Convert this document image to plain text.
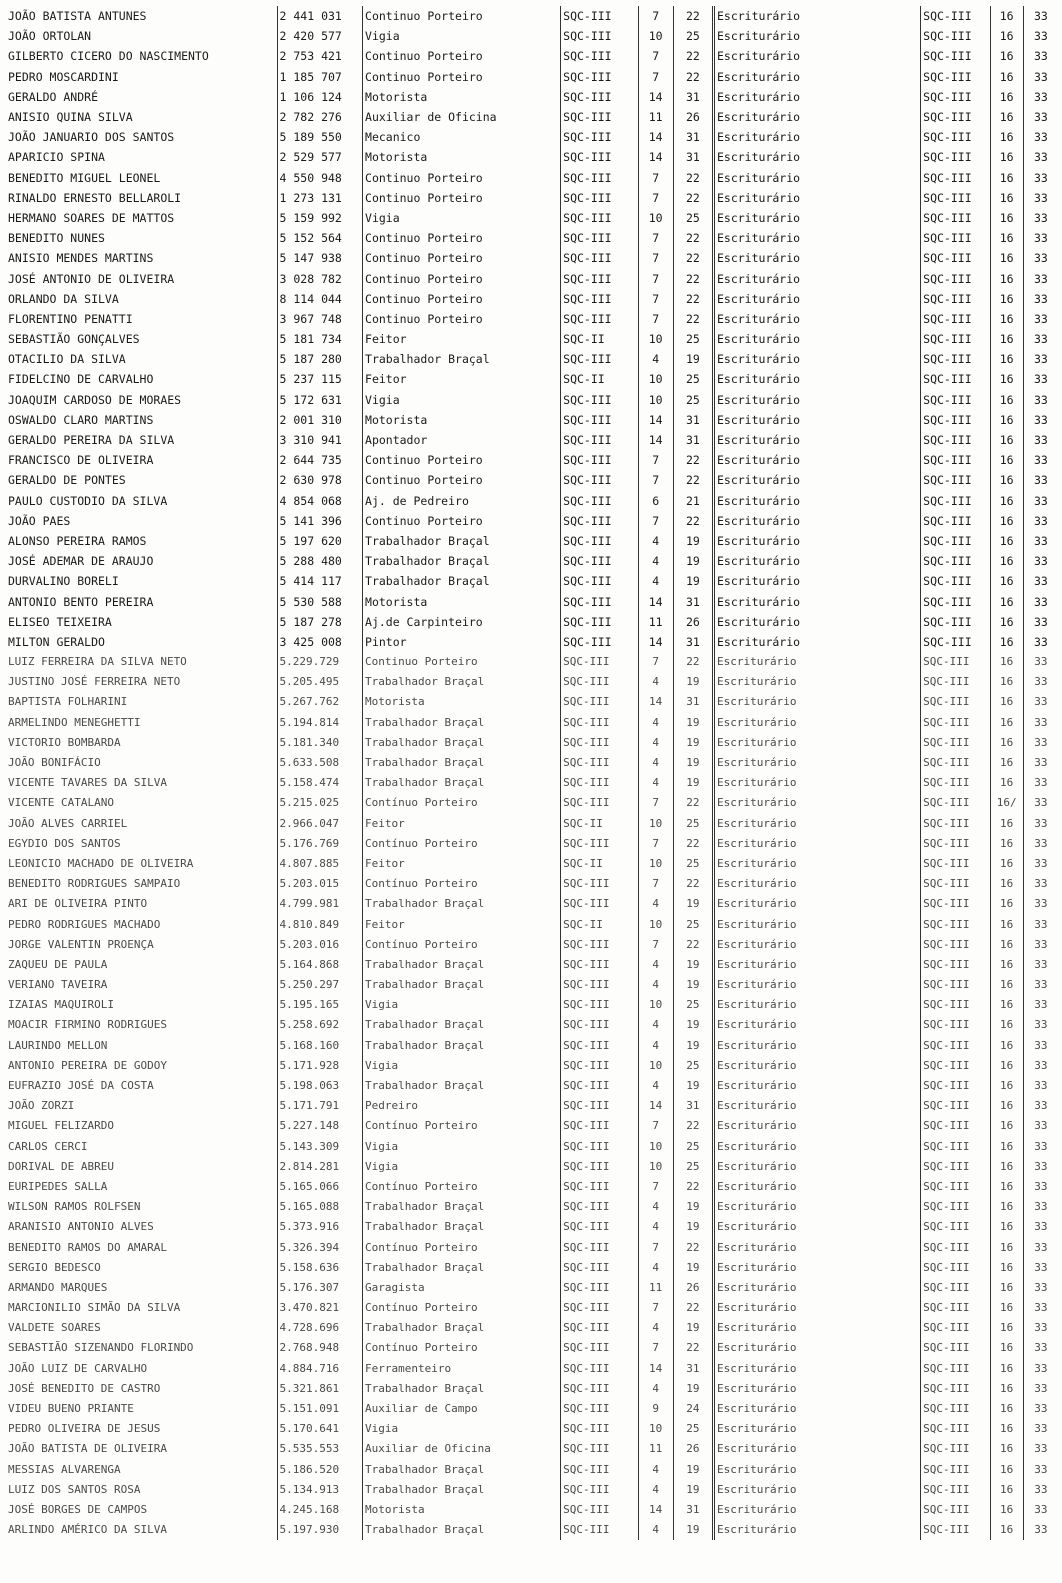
JOÃO BATISTA ANTUNES	2 441 031	Continuo Porteiro	SQC-III	7	22	Escriturário	SQC-III	16	33
JOÃO ORTOLAN	2 420 577	Vigia	SQC-III	10	25	Escriturário	SQC-III	16	33
GILBERTO CICERO DO NASCIMENTO	2 753 421	Continuo Porteiro	SQC-III	7	22	Escriturário	SQC-III	16	33
PEDRO MOSCARDINI	1 185 707	Continuo Porteiro	SQC-III	7	22	Escriturário	SQC-III	16	33
GERALDO ANDRÉ	1 106 124	Motorista	SQC-III	14	31	Escriturário	SQC-III	16	33
ANISIO QUINA SILVA	2 782 276	Auxiliar de Oficina	SQC-III	11	26	Escriturário	SQC-III	16	33
JOÃO JANUARIO DOS SANTOS	5 189 550	Mecanico	SQC-III	14	31	Escriturário	SQC-III	16	33
APARICIO SPINA	2 529 577	Motorista	SQC-III	14	31	Escriturário	SQC-III	16	33
BENEDITO MIGUEL LEONEL	4 550 948	Continuo Porteiro	SQC-III	7	22	Escriturário	SQC-III	16	33
RINALDO ERNESTO BELLAROLI	1 273 131	Continuo Porteiro	SQC-III	7	22	Escriturário	SQC-III	16	33
HERMANO SOARES DE MATTOS	5 159 992	Vigia	SQC-III	10	25	Escriturário	SQC-III	16	33
BENEDITO NUNES	5 152 564	Continuo Porteiro	SQC-III	7	22	Escriturário	SQC-III	16	33
ANISIO MENDES MARTINS	5 147 938	Continuo Porteiro	SQC-III	7	22	Escriturário	SQC-III	16	33
JOSÉ ANTONIO DE OLIVEIRA	3 028 782	Continuo Porteiro	SQC-III	7	22	Escriturário	SQC-III	16	33
ORLANDO DA SILVA	8 114 044	Continuo Porteiro	SQC-III	7	22	Escriturário	SQC-III	16	33
FLORENTINO PENATTI	3 967 748	Continuo Porteiro	SQC-III	7	22	Escriturário	SQC-III	16	33
SEBASTIÃO GONÇALVES	5 181 734	Feitor	SQC-II	10	25	Escriturário	SQC-III	16	33
OTACILIO DA SILVA	5 187 280	Trabalhador Braçal	SQC-III	4	19	Escriturário	SQC-III	16	33
FIDELCINO DE CARVALHO	5 237 115	Feitor	SQC-II	10	25	Escriturário	SQC-III	16	33
JOAQUIM CARDOSO DE MORAES	5 172 631	Vigia	SQC-III	10	25	Escriturário	SQC-III	16	33
OSWALDO CLARO MARTINS	2 001 310	Motorista	SQC-III	14	31	Escriturário	SQC-III	16	33
GERALDO PEREIRA DA SILVA	3 310 941	Apontador	SQC-III	14	31	Escriturário	SQC-III	16	33
FRANCISCO DE OLIVEIRA	2 644 735	Continuo Porteiro	SQC-III	7	22	Escriturário	SQC-III	16	33
GERALDO DE PONTES	2 630 978	Continuo Porteiro	SQC-III	7	22	Escriturário	SQC-III	16	33
PAULO CUSTODIO DA SILVA	4 854 068	Aj. de Pedreiro	SQC-III	6	21	Escriturário	SQC-III	16	33
JOÃO PAES	5 141 396	Continuo Porteiro	SQC-III	7	22	Escriturário	SQC-III	16	33
ALONSO PEREIRA RAMOS	5 197 620	Trabalhador Braçal	SQC-III	4	19	Escriturário	SQC-III	16	33
JOSÉ ADEMAR DE ARAUJO	5 288 480	Trabalhador Braçal	SQC-III	4	19	Escriturário	SQC-III	16	33
DURVALINO BORELI	5 414 117	Trabalhador Braçal	SQC-III	4	19	Escriturário	SQC-III	16	33
ANTONIO BENTO PEREIRA	5 530 588	Motorista	SQC-III	14	31	Escriturário	SQC-III	16	33
ELISEO TEIXEIRA	5 187 278	Aj.de Carpinteiro	SQC-III	11	26	Escriturário	SQC-III	16	33
MILTON GERALDO	3 425 008	Pintor	SQC-III	14	31	Escriturário	SQC-III	16	33
LUIZ FERREIRA DA SILVA NETO	5.229.729	Continuo Porteiro	SQC-III	7	22	Escriturário	SQC-III	16	33
JUSTINO JOSÉ FERREIRA NETO	5.205.495	Trabalhador Braçal	SQC-III	4	19	Escriturário	SQC-III	16	33
BAPTISTA FOLHARINI	5.267.762	Motorista	SQC-III	14	31	Escriturário	SQC-III	16	33
ARMELINDO MENEGHETTI	5.194.814	Trabalhador Braçal	SQC-III	4	19	Escriturário	SQC-III	16	33
VICTORIO BOMBARDA	5.181.340	Trabalhador Braçal	SQC-III	4	19	Escriturário	SQC-III	16	33
JOÃO BONIFÁCIO	5.633.508	Trabalhador Braçal	SQC-III	4	19	Escriturário	SQC-III	16	33
VICENTE TAVARES DA SILVA	5.158.474	Trabalhador Braçal	SQC-III	4	19	Escriturário	SQC-III	16	33
VICENTE CATALANO	5.215.025	Contínuo Porteiro	SQC-III	7	22	Escriturário	SQC-III	16/	33
JOÃO ALVES CARRIEL	2.966.047	Feitor	SQC-II	10	25	Escriturário	SQC-III	16	33
EGYDIO DOS SANTOS	5.176.769	Contínuo Porteiro	SQC-III	7	22	Escriturário	SQC-III	16	33
LEONICIO MACHADO DE OLIVEIRA	4.807.885	Feitor	SQC-II	10	25	Escriturário	SQC-III	16	33
BENEDITO RODRIGUES SAMPAIO	5.203.015	Contínuo Porteiro	SQC-III	7	22	Escriturário	SQC-III	16	33
ARI DE OLIVEIRA PINTO	4.799.981	Trabalhador Braçal	SQC-III	4	19	Escriturário	SQC-III	16	33
PEDRO RODRIGUES MACHADO	4.810.849	Feitor	SQC-II	10	25	Escriturário	SQC-III	16	33
JORGE VALENTIN PROENÇA	5.203.016	Contínuo Porteiro	SQC-III	7	22	Escriturário	SQC-III	16	33
ZAQUEU DE PAULA	5.164.868	Trabalhador Braçal	SQC-III	4	19	Escriturário	SQC-III	16	33
VERIANO TAVEIRA	5.250.297	Trabalhador Braçal	SQC-III	4	19	Escriturário	SQC-III	16	33
IZAIAS MAQUIROLI	5.195.165	Vigia	SQC-III	10	25	Escriturário	SQC-III	16	33
MOACIR FIRMINO RODRIGUES	5.258.692	Trabalhador Braçal	SQC-III	4	19	Escriturário	SQC-III	16	33
LAURINDO MELLON	5.168.160	Trabalhador Braçal	SQC-III	4	19	Escriturário	SQC-III	16	33
ANTONIO PEREIRA DE GODOY	5.171.928	Vigia	SQC-III	10	25	Escriturário	SQC-III	16	33
EUFRAZIO JOSÉ DA COSTA	5.198.063	Trabalhador Braçal	SQC-III	4	19	Escriturário	SQC-III	16	33
JOÃO ZORZI	5.171.791	Pedreiro	SQC-III	14	31	Escriturário	SQC-III	16	33
MIGUEL FELIZARDO	5.227.148	Contínuo Porteiro	SQC-III	7	22	Escriturário	SQC-III	16	33
CARLOS CERCI	5.143.309	Vigia	SQC-III	10	25	Escriturário	SQC-III	16	33
DORIVAL DE ABREU	2.814.281	Vigia	SQC-III	10	25	Escriturário	SQC-III	16	33
EURIPEDES SALLA	5.165.066	Contínuo Porteiro	SQC-III	7	22	Escriturário	SQC-III	16	33
WILSON RAMOS ROLFSEN	5.165.088	Trabalhador Braçal	SQC-III	4	19	Escriturário	SQC-III	16	33
ARANISIO ANTONIO ALVES	5.373.916	Trabalhador Braçal	SQC-III	4	19	Escriturário	SQC-III	16	33
BENEDITO RAMOS DO AMARAL	5.326.394	Contínuo Porteiro	SQC-III	7	22	Escriturário	SQC-III	16	33
SERGIO BEDESCO	5.158.636	Trabalhador Braçal	SQC-III	4	19	Escriturário	SQC-III	16	33
ARMANDO MARQUES	5.176.307	Garagista	SQC-III	11	26	Escriturário	SQC-III	16	33
MARCIONILIO SIMÃO DA SILVA	3.470.821	Contínuo Porteiro	SQC-III	7	22	Escriturário	SQC-III	16	33
VALDETE SOARES	4.728.696	Trabalhador Braçal	SQC-III	4	19	Escriturário	SQC-III	16	33
SEBASTIÃO SIZENANDO FLORINDO	2.768.948	Contínuo Porteiro	SQC-III	7	22	Escriturário	SQC-III	16	33
JOÃO LUIZ DE CARVALHO	4.884.716	Ferramenteiro	SQC-III	14	31	Escriturário	SQC-III	16	33
JOSÉ BENEDITO DE CASTRO	5.321.861	Trabalhador Braçal	SQC-III	4	19	Escriturário	SQC-III	16	33
VIDEU BUENO PRIANTE	5.151.091	Auxiliar de Campo	SQC-III	9	24	Escriturário	SQC-III	16	33
PEDRO OLIVEIRA DE JESUS	5.170.641	Vigia	SQC-III	10	25	Escriturário	SQC-III	16	33
JOÃO BATISTA DE OLIVEIRA	5.535.553	Auxiliar de Oficina	SQC-III	11	26	Escriturário	SQC-III	16	33
MESSIAS ALVARENGA	5.186.520	Trabalhador Braçal	SQC-III	4	19	Escriturário	SQC-III	16	33
LUIZ DOS SANTOS ROSA	5.134.913	Trabalhador Braçal	SQC-III	4	19	Escriturário	SQC-III	16	33
JOSÉ BORGES DE CAMPOS	4.245.168	Motorista	SQC-III	14	31	Escriturário	SQC-III	16	33
ARLINDO AMÉRICO DA SILVA	5.197.930	Trabalhador Braçal	SQC-III	4	19	Escriturário	SQC-III	16	33
